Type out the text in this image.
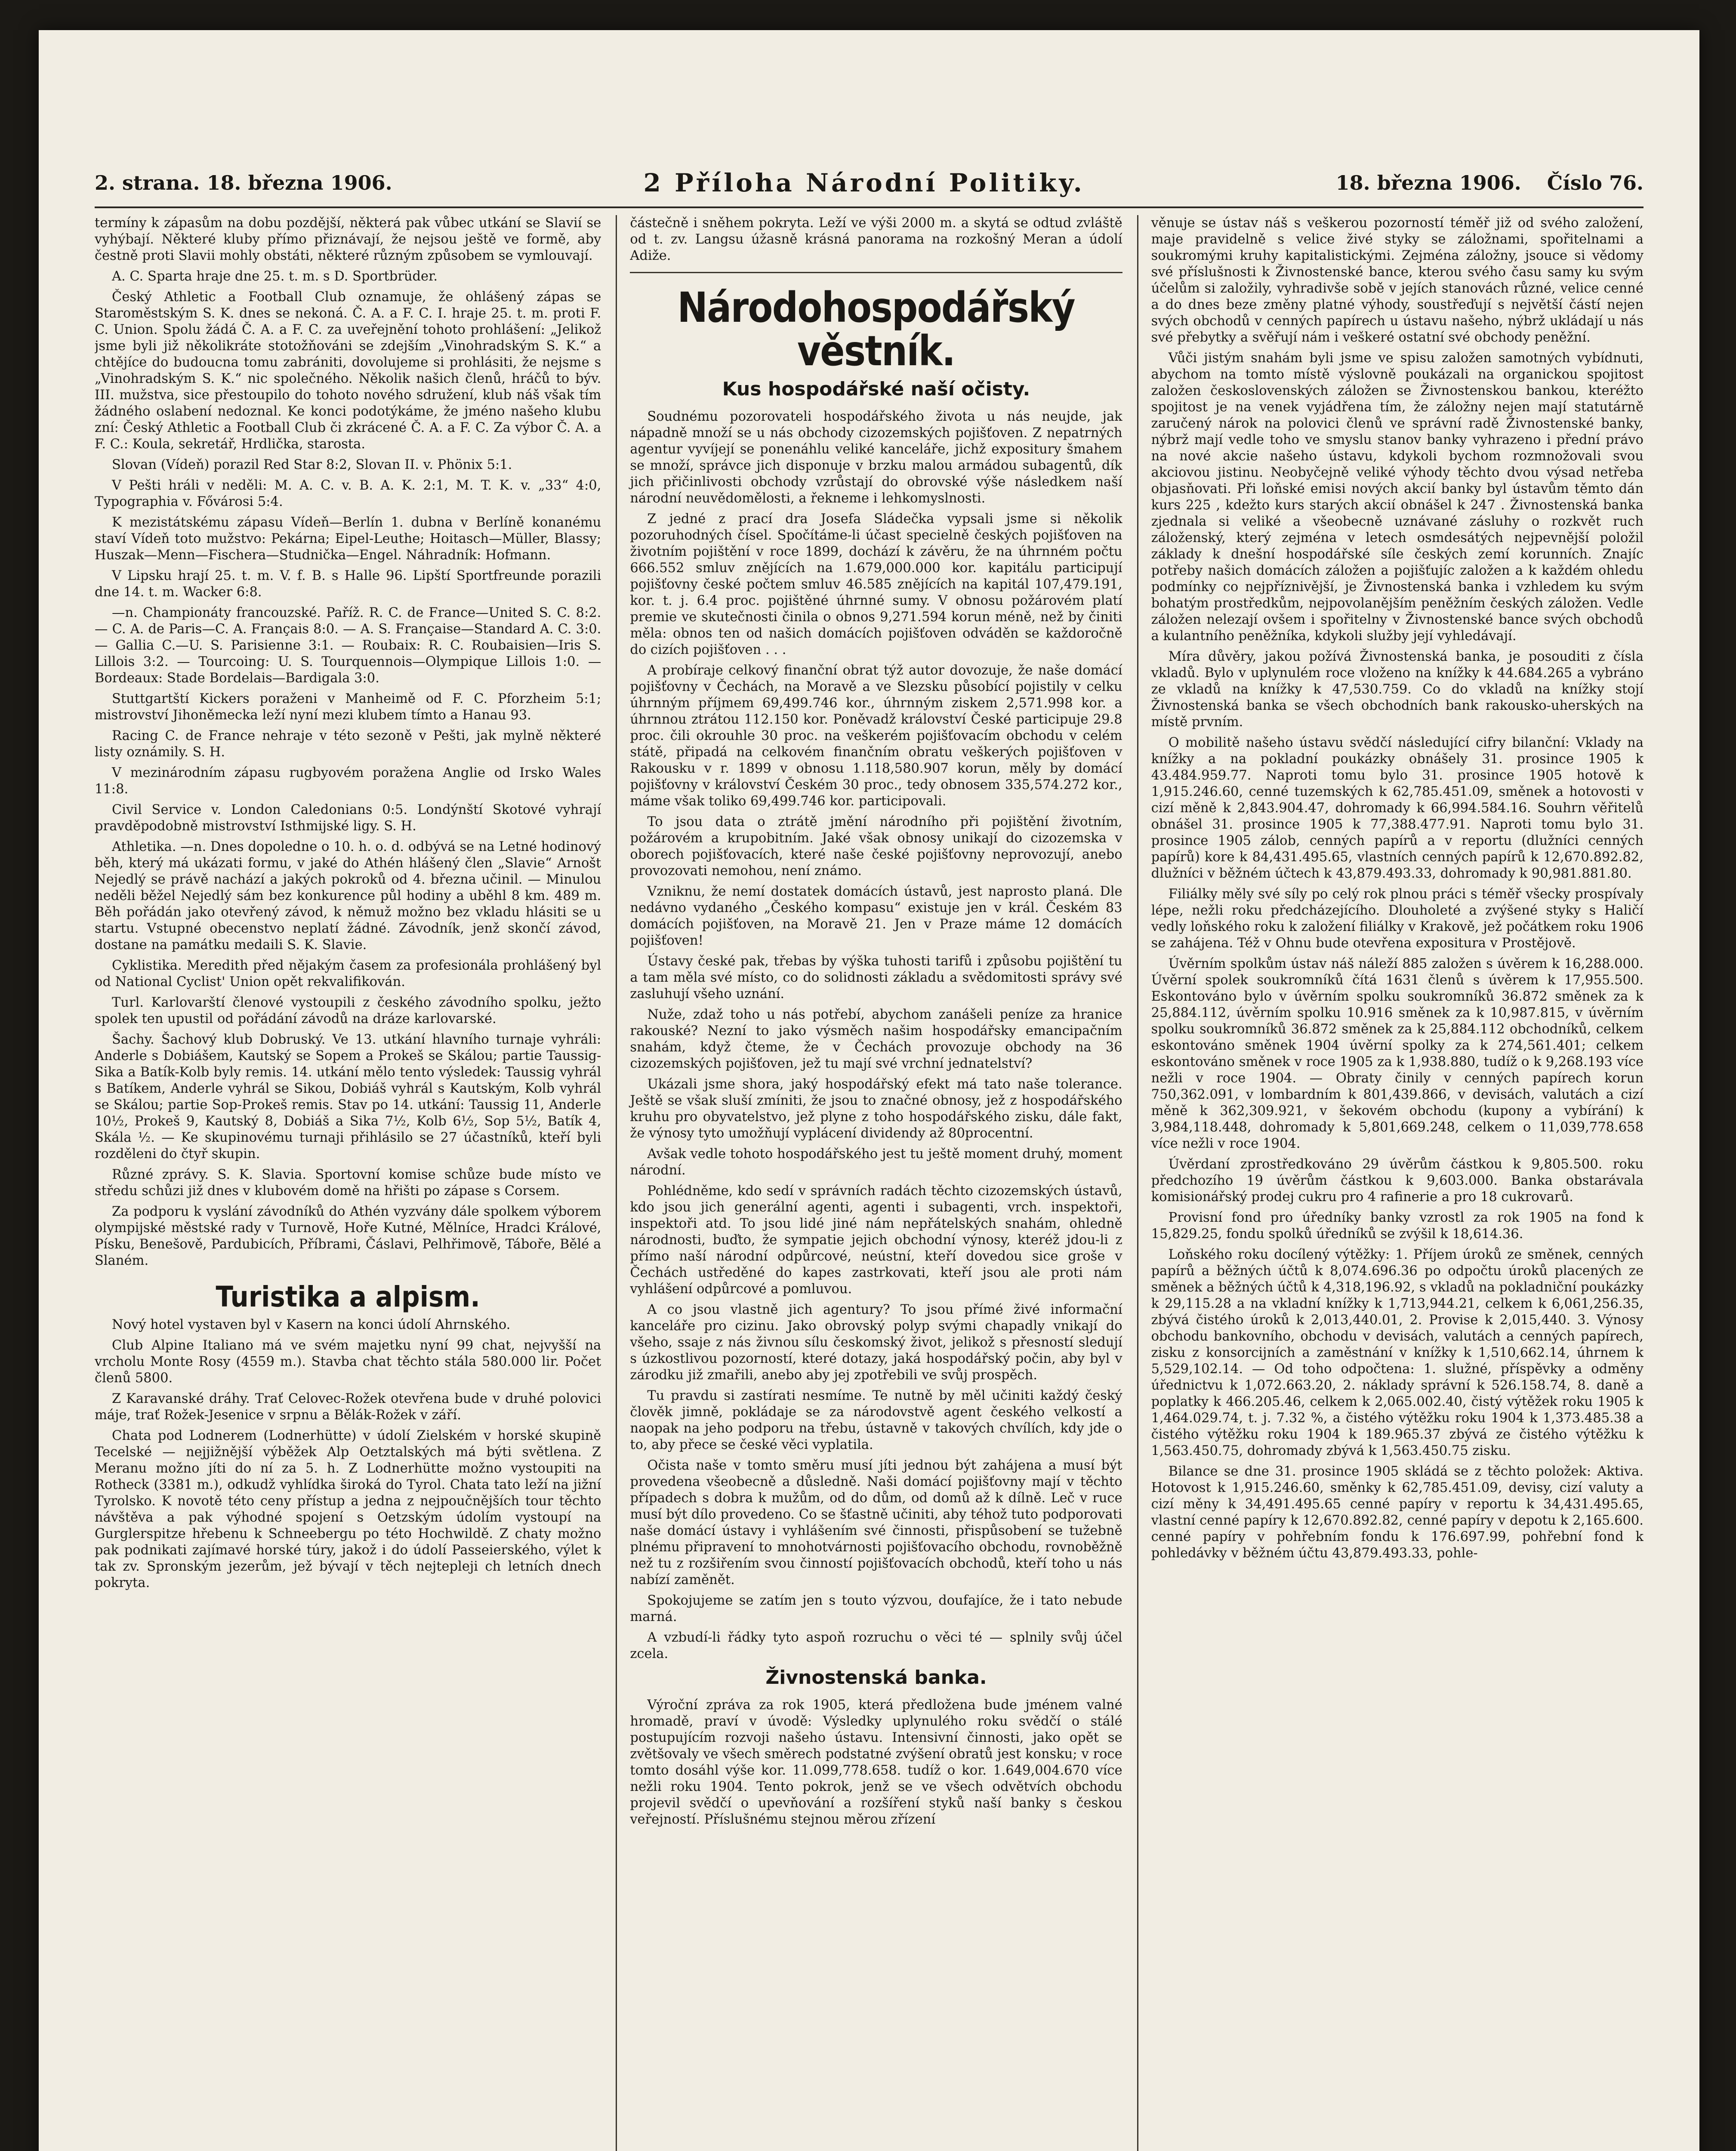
2. strana. 18. března 1906.	2 Příloha Národní Politiky.	18. března 1906. Číslo 76.

termíny k zápasům na dobu pozdější, některá pak vůbec utkání se Slavií se vyhýbají. Některé kluby přímo přiznávají, že nejsou ještě ve formě, aby čestně proti Slavii mohly obstáti, některé různým způsobem se vymlouvají.

A. C. Sparta hraje dne 25. t. m. s D. Sportbrüder.

Český Athletic a Football Club oznamuje, že ohlášený zápas se Staroměstským S. K. dnes se nekoná. Č. A. a F. C. I. hraje 25. t. m. proti F. C. Union. Spolu žádá Č. A. a F. C. za uveřejnění tohoto prohlášení: „Jelikož jsme byli již několikráte stotožňováni se zdejším „Vinohradským S. K.“ a chtějíce do budoucna tomu zabrániti, dovolujeme si prohlásiti, že nejsme s „Vinohradským S. K.“ nic společného. Několik našich členů, hráčů to býv. III. mužstva, sice přestoupilo do tohoto nového sdružení, klub náš však tím žádného oslabení nedoznal. Ke konci podotýkáme, že jméno našeho klubu zní: Český Athletic a Football Club či zkrácené Č. A. a F. C. Za výbor Č. A. a F. C.: Koula, sekretář, Hrdlička, starosta.

Slovan (Vídeň) porazil Red Star 8:2, Slovan II. v. Phönix 5:1.

V Pešti hráli v neděli: M. A. C. v. B. A. K. 2:1, M. T. K. v. „33“ 4:0, Typographia v. Fővárosi 5:4.

K mezistátskému zápasu Vídeň—Berlín 1. dubna v Berlíně konanému staví Vídeň toto mužstvo: Pekárna; Eipel-Leuthe; Hoitasch—Müller, Blassy; Huszak—Menn—Fischera—Studnička—Engel. Náhradník: Hofmann.

V Lipsku hrají 25. t. m. V. f. B. s Halle 96. Lipští Sportfreunde porazili dne 14. t. m. Wacker 6:8.

—n. Championáty francouzské. Paříž. R. C. de France—United S. C. 8:2. — C. A. de Paris—C. A. Français 8:0. — A. S. Française—Standard A. C. 3:0. — Gallia C.—U. S. Parisienne 3:1. — Roubaix: R. C. Roubaisien—Iris S. Lillois 3:2. — Tourcoing: U. S. Tourquennois—Olympique Lillois 1:0. — Bordeaux: Stade Bordelais—Bardigala 3:0.

Stuttgartští Kickers poraženi v Manheimě od F. C. Pforzheim 5:1; mistrovství Jihoněmecka leží nyní mezi klubem tímto a Hanau 93.

Racing C. de France nehraje v této sezoně v Pešti, jak mylně některé listy oznámily. S. H.

V mezinárodním zápasu rugbyovém poražena Anglie od Irsko Wales 11:8.

Civil Service v. London Caledonians 0:5. Londýnští Skotové vyhrají pravděpodobně mistrovství Isthmijské ligy. S. H.

Athletika. —n. Dnes dopoledne o 10. h. o. d. odbývá se na Letné hodinový běh, který má ukázati formu, v jaké do Athén hlášený člen „Slavie“ Arnošt Nejedlý se právě nachází a jakých pokroků od 4. března učinil. — Minulou neděli běžel Nejedlý sám bez konkurence půl hodiny a uběhl 8 km. 489 m. Běh pořádán jako otevřený závod, k němuž možno bez vkladu hlásiti se u startu. Vstupné obecenstvo neplatí žádné. Závodník, jenž skončí závod, dostane na památku medaili S. K. Slavie.

Cyklistika. Meredith před nějakým časem za profesionála prohlášený byl od National Cyclist' Union opět rekvalifikován.

Turl. Karlovarští členové vystoupili z českého závodního spolku, ježto spolek ten upustil od pořádání závodů na dráze karlovarské.

Šachy. Šachový klub Dobruský. Ve 13. utkání hlavního turnaje vyhráli: Anderle s Dobiášem, Kautský se Sopem a Prokeš se Skálou; partie Taussig-Sika a Batík-Kolb byly remis. 14. utkání mělo tento výsledek: Taussig vyhrál s Batíkem, Anderle vyhrál se Sikou, Dobiáš vyhrál s Kautským, Kolb vyhrál se Skálou; partie Sop-Prokeš remis. Stav po 14. utkání: Taussig 11, Anderle 10½, Prokeš 9, Kautský 8, Dobiáš a Sika 7½, Kolb 6½, Sop 5½, Batík 4, Skála ½. — Ke skupinovému turnaji přihlásilo se 27 účastníků, kteří byli rozděleni do čtyř skupin.

Různé zprávy. S. K. Slavia. Sportovní komise schůze bude místo ve středu schůzi již dnes v klubovém domě na hřišti po zápase s Corsem.

Za podporu k vyslání závodníků do Athén vyzvány dále spolkem výborem olympijské městské rady v Turnově, Hoře Kutné, Mělníce, Hradci Králové, Písku, Benešově, Pardubicích, Příbrami, Čáslavi, Pelhřimově, Táboře, Bělé a Slaném.

Turistika a alpism.

Nový hotel vystaven byl v Kasern na konci údolí Ahrnského.

Club Alpine Italiano má ve svém majetku nyní 99 chat, nejvyšší na vrcholu Monte Rosy (4559 m.). Stavba chat těchto stála 580.000 lir. Počet členů 5800.

Z Karavanské dráhy. Trať Celovec-Rožek otevřena bude v druhé polovici máje, trať Rožek-Jesenice v srpnu a Bělák-Rožek v září.

Chata pod Lodnerem (Lodnerhütte) v údolí Zielském v horské skupině Tecelské — nejjižnější výběžek Alp Oetztalských má býti světlena. Z Meranu možno jíti do ní za 5. h. Z Lodnerhütte možno vystoupiti na Rotheck (3381 m.), odkudž vyhlídka široká do Tyrol. Chata tato leží na jižní Tyrolsko. K novotě této ceny přístup a jedna z nejpoučnějších tour těchto návštěva a pak výhodné spojení s Oetzským údolím vystoupí na Gurglerspitze hřebenu k Schneebergu po této Hochwildě. Z chaty možno pak podnikati zajímavé horské túry, jakož i do údolí Passeierského, výlet k tak zv. Spronským jezerům, jež bývají v těch nejtepleji ch letních dnech pokryta.

částečně i sněhem pokryta. Leží ve výši 2000 m. a skytá se odtud zvláště od t. zv. Langsu úžasně krásná panorama na rozkošný Meran a údolí Adiže.

Národohospodářský věstník.
Kus hospodářské naší očisty.

Soudnému pozorovateli hospodářského života u nás neujde, jak nápadně množí se u nás obchody cizozemských pojišťoven. Z nepatrných agentur vyvíjejí se ponenáhlu veliké kanceláře, jichž expositury šmahem se množí, správce jich disponuje v brzku malou armádou subagentů, dík jich přičinlivosti obchody vzrůstají do obrovské výše následkem naší národní neuvědomělosti, a řekneme i lehkomyslnosti.

Z jedné z prací dra Josefa Sládečka vypsali jsme si několik pozoruhodných čísel. Spočítáme-li účast specielně českých pojišťoven na životním pojištění v roce 1899, dochází k závěru, že na úhrnném počtu 666.552 smluv znějících na 1.679,000.000 kor. kapitálu participují pojišťovny české počtem smluv 46.585 znějících na kapitál 107,479.191, kor. t. j. 6.4 proc. pojištěné úhrnné sumy. V obnosu požárovém platí premie ve skutečnosti činila o obnos 9,271.594 korun méně, než by činiti měla: obnos ten od našich domácích pojišťoven odváděn se každoročně do cizích pojišťoven . . .

A probíraje celkový finanční obrat týž autor dovozuje, že naše domácí pojišťovny v Čechách, na Moravě a ve Slezsku působící pojistily v celku úhrnným příjmem 69,499.746 kor., úhrnným ziskem 2,571.998 kor. a úhrnnou ztrátou 112.150 kor. Poněvadž království České participuje 29.8 proc. čili okrouhle 30 proc. na veškerém pojišťovacím obchodu v celém státě, připadá na celkovém finančním obratu veškerých pojišťoven v Rakousku v r. 1899 v obnosu 1.118,580.907 korun, měly by domácí pojišťovny v království Českém 30 proc., tedy obnosem 335,574.272 kor., máme však toliko 69,499.746 kor. participovali.

To jsou data o ztrátě jmění národního při pojištění životním, požárovém a krupobitním. Jaké však obnosy unikají do cizozemska v oborech pojišťovacích, které naše české pojišťovny neprovozují, anebo provozovati nemohou, není známo.

Vzniknu, že nemí dostatek domácích ústavů, jest naprosto planá. Dle nedávno vydaného „Českého kompasu“ existuje jen v král. Českém 83 domácích pojišťoven, na Moravě 21. Jen v Praze máme 12 domácích pojišťoven!

Ústavy české pak, třebas by výška tuhosti tarifů i způsobu pojištění tu a tam měla své místo, co do solidnosti základu a svědomitosti správy své zasluhují všeho uznání.

Nuže, zdaž toho u nás potřebí, abychom zanášeli peníze za hranice rakouské? Nezní to jako výsměch našim hospodářsky emancipačním snahám, když čteme, že v Čechách provozuje obchody na 36 cizozemských pojišťoven, jež tu mají své vrchní jednatelství?

Ukázali jsme shora, jaký hospodářský efekt má tato naše tolerance. Ještě se však sluší zmíniti, že jsou to značné obnosy, jež z hospodářského kruhu pro obyvatelstvo, jež plyne z toho hospodářského zisku, dále fakt, že výnosy tyto umožňují vyplácení dividendy až 80procentní.

Avšak vedle tohoto hospodářského jest tu ještě moment druhý, moment národní.

Pohlédněme, kdo sedí v správních radách těchto cizozemských ústavů, kdo jsou jich generální agenti, agenti i subagenti, vrch. inspektoři, inspektoři atd. To jsou lidé jiné nám nepřátelských snahám, ohledně národnosti, buďto, že sympatie jejich obchodní výnosy, kteréž jdou-li z přímo naší národní odpůrcové, neústní, kteří dovedou sice groše v Čechách ustředěné do kapes zastrkovati, kteří jsou ale proti nám vyhlášení odpůrcové a pomluvou.

A co jsou vlastně jich agentury? To jsou přímé živé informační kanceláře pro cizinu. Jako obrovský polyp svými chapadly vnikají do všeho, ssaje z nás živnou sílu českomský život, jelikož s přesností sledují s úzkostlivou pozorností, které dotazy, jaká hospodářský počin, aby byl v zárodku již zmařili, anebo aby jej zpotřebili ve svůj prospěch.

Tu pravdu si zastírati nesmíme. Te nutně by měl učiniti každý český člověk jimně, pokládaje se za národovstvě agent českého velkostí a naopak na jeho podporu na třebu, ústavně v takových chvílích, kdy jde o to, aby přece se české věci vyplatila.

Očista naše v tomto směru musí jíti jednou být zahájena a musí být provedena všeobecně a důsledně. Naši domácí pojišťovny mají v těchto případech s dobra k mužům, od do dům, od domů až k dílně. Leč v ruce musí být dílo provedeno. Co se šťastně učiniti, aby téhož tuto podporovati naše domácí ústavy i vyhlášením své činnosti, přispůsobení se tužebně plnému připravení to mnohotvárnosti pojišťovacího obchodu, rovnoběžně než tu z rozšiřením svou činností pojišťovacích obchodů, kteří toho u nás nabízí zaměnět.

Spokojujeme se zatím jen s touto výzvou, doufajíce, že i tato nebude marná.

A vzbudí-li řádky tyto aspoň rozruchu o věci té — splnily svůj účel zcela.

Živnostenská banka.

Výroční zpráva za rok 1905, která předložena bude jménem valné hromadě, praví v úvodě: Výsledky uplynulého roku svědčí o stálé postupujícím rozvoji našeho ústavu. Intensivní činnosti, jako opět se zvětšovaly ve všech směrech podstatné zvýšení obratů jest konsku; v roce tomto dosáhl výše kor. 11.099,778.658. tudíž o kor. 1.649,004.670 více nežli roku 1904. Tento pokrok, jenž se ve všech odvětvích obchodu projevil svědčí o upevňování a rozšíření styků naší banky s českou veřejností. Příslušnému stejnou měrou zřízení

věnuje se ústav náš s veškerou pozorností téměř již od svého založení, maje pravidelně s velice živé styky se záložnami, spořitelnami a soukromými kruhy kapitalistickými. Zejména záložny, jsouce si vědomy své příslušnosti k Živnostenské bance, kterou svého času samy ku svým účelům si založily, vyhradivše sobě v jejích stanovách různé, velice cenné a do dnes beze změny platné výhody, soustřeďují s největší částí nejen svých obchodů v cenných papírech u ústavu našeho, nýbrž ukládají u nás své přebytky a svěřují nám i veškeré ostatní své obchody peněžní.

Vůči jistým snahám byli jsme ve spisu založen samotných vybídnuti, abychom na tomto místě výslovně poukázali na organickou spojitost založen československých záložen se Živnostenskou bankou, kteréžto spojitost je na venek vyjádřena tím, že záložny nejen mají statutárně zaručený nárok na polovici členů ve správní radě Živnostenské banky, nýbrž mají vedle toho ve smyslu stanov banky vyhrazeno i přední právo na nové akcie našeho ústavu, kdykoli bychom rozmnožovali svou akciovou jistinu. Neobyčejně veliké výhody těchto dvou výsad netřeba objasňovati. Při loňské emisi nových akcií banky byl ústavům těmto dán kurs 225 , kdežto kurs starých akcií obnášel k 247 . Živnostenská banka zjednala si veliké a všeobecně uznávané zásluhy o rozkvět ruch záloženský, který zejména v letech osmdesátých nejpevnější položil základy k dnešní hospodářské síle českých zemí korunních. Znajíc potřeby našich domácích záložen a pojišťujíc založen a k každém ohledu podmínky co nejpříznivější, je Živnostenská banka i vzhledem ku svým bohatým prostředkům, nejpovolanějším peněžním českých záložen. Vedle záložen nelezají ovšem i spořitelny v Živnostenské bance svých obchodů a kulantního peněžníka, kdykoli služby její vyhledávají.

Míra důvěry, jakou požívá Živnostenská banka, je posouditi z čísla vkladů. Bylo v uplynulém roce vloženo na knížky k 44.684.265 a vybráno ze vkladů na knížky k 47,530.759. Co do vkladů na knížky stojí Živnostenská banka se všech obchodních bank rakousko-uherských na místě prvním.

O mobilitě našeho ústavu svědčí následující cifry bilanční: Vklady na knížky a na pokladní poukázky obnášely 31. prosince 1905 k 43.484.959.77. Naproti tomu bylo 31. prosince 1905 hotově k 1,915.246.60, cenné tuzemských k 62,785.451.09, směnek a hotovosti v cizí měně k 2,843.904.47, dohromady k 66,994.584.16. Souhrn věřitelů obnášel 31. prosince 1905 k 77,388.477.91. Naproti tomu bylo 31. prosince 1905 zálob, cenných papírů a v reportu (dlužníci cenných papírů) kore k 84,431.495.65, vlastních cenných papírů k 12,670.892.82, dlužníci v běžném účtech k 43,879.493.33, dohromady k 90,981.881.80.

Filiálky měly své síly po celý rok plnou práci s téměř všecky prospívaly lépe, nežli roku předcházejícího. Dlouholeté a zvýšené styky s Haličí vedly loňského roku k založení filiálky v Krakově, jež počátkem roku 1906 se zahájena. Též v Ohnu bude otevřena expositura v Prostějově.

Úvěrním spolkům ústav náš náleží 885 založen s úvěrem k 16,288.000. Úvěrní spolek soukromníků čítá 1631 členů s úvěrem k 17,955.500. Eskontováno bylo v úvěrním spolku soukromníků 36.872 směnek za k 25,884.112, úvěrním spolku 10.916 směnek za k 10,987.815, v úvěrním spolku soukromníků 36.872 směnek za k 25,884.112 obchodníků, celkem eskontováno směnek 1904 úvěrní spolky za k 274,561.401; celkem eskontováno směnek v roce 1905 za k 1,938.880, tudíž o k 9,268.193 více nežli v roce 1904. — Obraty činily v cenných papírech korun 750,362.091, v lombardním k 801,439.866, v devisách, valutách a cizí měně k 362,309.921, v šekovém obchodu (kupony a vybírání) k 3,984,118.448, dohromady k 5,801,669.248, celkem o 11,039,778.658 více nežli v roce 1904.

Úvěrdaní zprostředkováno 29 úvěrům částkou k 9,805.500. roku předchozího 19 úvěrům částkou k 9,603.000. Banka obstarávala komisionářský prodej cukru pro 4 rafinerie a pro 18 cukrovarů.

Provisní fond pro úředníky banky vzrostl za rok 1905 na fond k 15,829.25, fondu spolků úředníků se zvýšil k 18,614.36.

Loňského roku docílený výtěžky: 1. Příjem úroků ze směnek, cenných papírů a běžných účtů k 8,074.696.36 po odpočtu úroků placených ze směnek a běžných účtů k 4,318,196.92, s vkladů na pokladniční poukázky k 29,115.28 a na vkladní knížky k 1,713,944.21, celkem k 6,061,256.35, zbývá čistého úroků k 2,013,440.01, 2. Provise k 2,015,440. 3. Výnosy obchodu bankovního, obchodu v devisách, valutách a cenných papírech, zisku z konsorcijních a zaměstnání v knížky k 1,510,662.14, úhrnem k 5,529,102.14. — Od toho odpočtena: 1. služné, příspěvky a odměny úřednictvu k 1,072.663.20, 2. náklady správní k 526.158.74, 8. daně a poplatky k 466.205.46, celkem k 2,065.002.40, čistý výtěžek roku 1905 k 1,464.029.74, t. j. 7.32 %, a čistého výtěžku roku 1904 k 1,373.485.38 a čistého výtěžku roku 1904 k 189.965.37 zbývá ze čistého výtěžku k 1,563.450.75, dohromady zbývá k 1,563.450.75 zisku.

Bilance se dne 31. prosince 1905 skládá se z těchto položek: Aktiva. Hotovost k 1,915.246.60, směnky k 62,785.451.09, devisy, cizí valuty a cizí měny k 34,491.495.65 cenné papíry v reportu k 34,431.495.65, vlastní cenné papíry k 12,670.892.82, cenné papíry v depotu k 2,165.600. cenné papíry v pohřebním fondu k 176.697.99, pohřební fond k pohledávky v běžném účtu 43,879.493.33, pohle-
